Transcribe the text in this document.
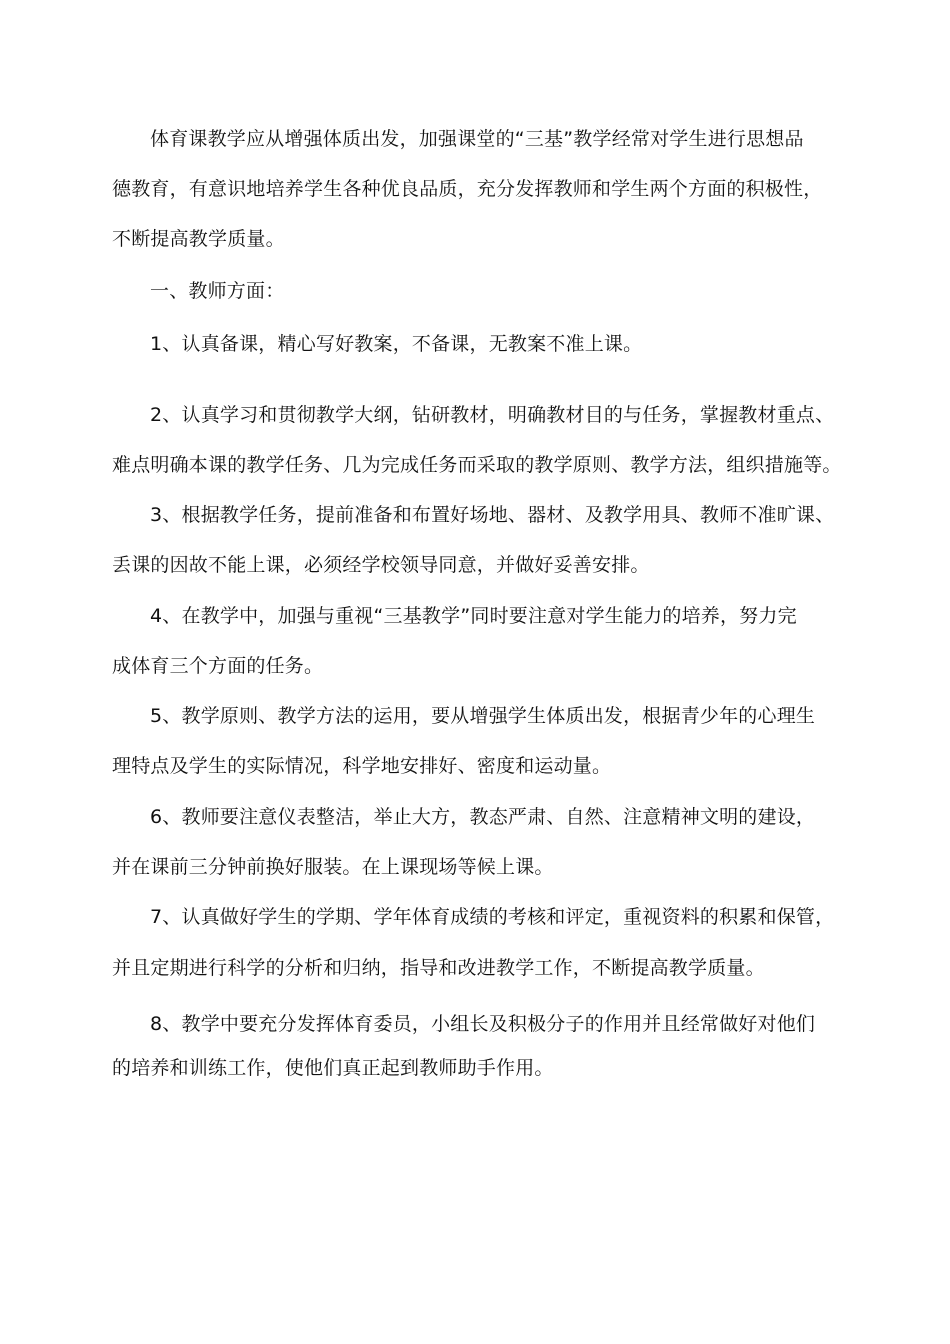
体育课教学应从增强体质出发，加强课堂的“三基”教学经常对学生进行思想品
德教育，有意识地培养学生各种优良品质，充分发挥教师和学生两个方面的积极性，
不断提高教学质量。
一、教师方面：
1、认真备课，精心写好教案，不备课，无教案不准上课。
2、认真学习和贯彻教学大纲，钻研教材，明确教材目的与任务，掌握教材重点、
难点明确本课的教学任务、几为完成任务而采取的教学原则、教学方法，组织措施等。
3、根据教学任务，提前准备和布置好场地、器材、及教学用具、教师不准旷课、
丢课的因故不能上课，必须经学校领导同意，并做好妥善安排。
4、在教学中，加强与重视“三基教学”同时要注意对学生能力的培养，努力完
成体育三个方面的任务。
5、教学原则、教学方法的运用，要从增强学生体质出发，根据青少年的心理生
理特点及学生的实际情况，科学地安排好、密度和运动量。
6、教师要注意仪表整洁，举止大方，教态严肃、自然、注意精神文明的建设，
并在课前三分钟前换好服装。在上课现场等候上课。
7、认真做好学生的学期、学年体育成绩的考核和评定，重视资料的积累和保管，
并且定期进行科学的分析和归纳，指导和改进教学工作，不断提高教学质量。
8、教学中要充分发挥体育委员，小组长及积极分子的作用并且经常做好对他们
的培养和训练工作，使他们真正起到教师助手作用。
